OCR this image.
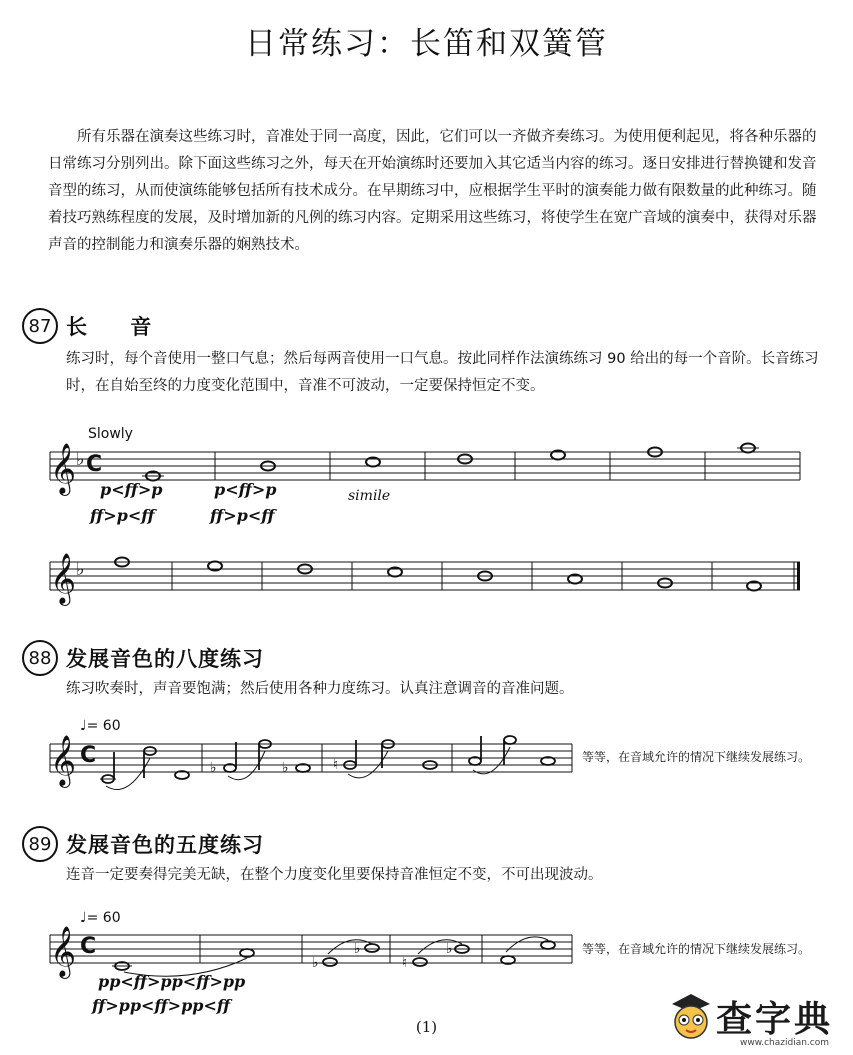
日常练习：长笛和双簧管

所有乐器在演奏这些练习时，音准处于同一高度，因此，它们可以一齐做齐奏练习。为使用便利起见，将各种乐器的日常练习分别列出。除下面这些练习之外，每天在开始演练时还要加入其它适当内容的练习。逐日安排进行替换键和发音音型的练习，从而使演练能够包括所有技术成分。在早期练习中，应根据学生平时的演奏能力做有限数量的此种练习。随着技巧熟练程度的发展，及时增加新的凡例的练习内容。定期采用这些练习，将使学生在宽广音域的演奏中，获得对乐器声音的控制能力和演奏乐器的娴熟技术。

87 长 音

练习时，每个音使用一整口气息；然后每两音使用一口气息。按此同样作法演练练习 90 给出的每一个音阶。长音练习时，在自始至终的力度变化范围中，音准不可波动，一定要保持恒定不变。

88 发展音色的八度练习

练习吹奏时，声音要饱满；然后使用各种力度练习。认真注意调音的音准问题。

89 发展音色的五度练习

连音一定要奏得完美无缺，在整个力度变化里要保持音准恒定不变，不可出现波动。

𝄞
𝄞
𝄞
𝄞
♭
♭
C
C
C
♭	♭	♮
♭
♭
♮
♭
Slowly
p<ff>p	p<ff>p
ff>p<ff	ff>p<ff
simile
♩= 60
等等，在音域允许的情况下继续发展练习。
♩= 60
pp<ff>pp<ff>pp
ff>pp<ff>pp<ff
等等，在音域允许的情况下继续发展练习。
(1)	查字典
www.chazidian.com
